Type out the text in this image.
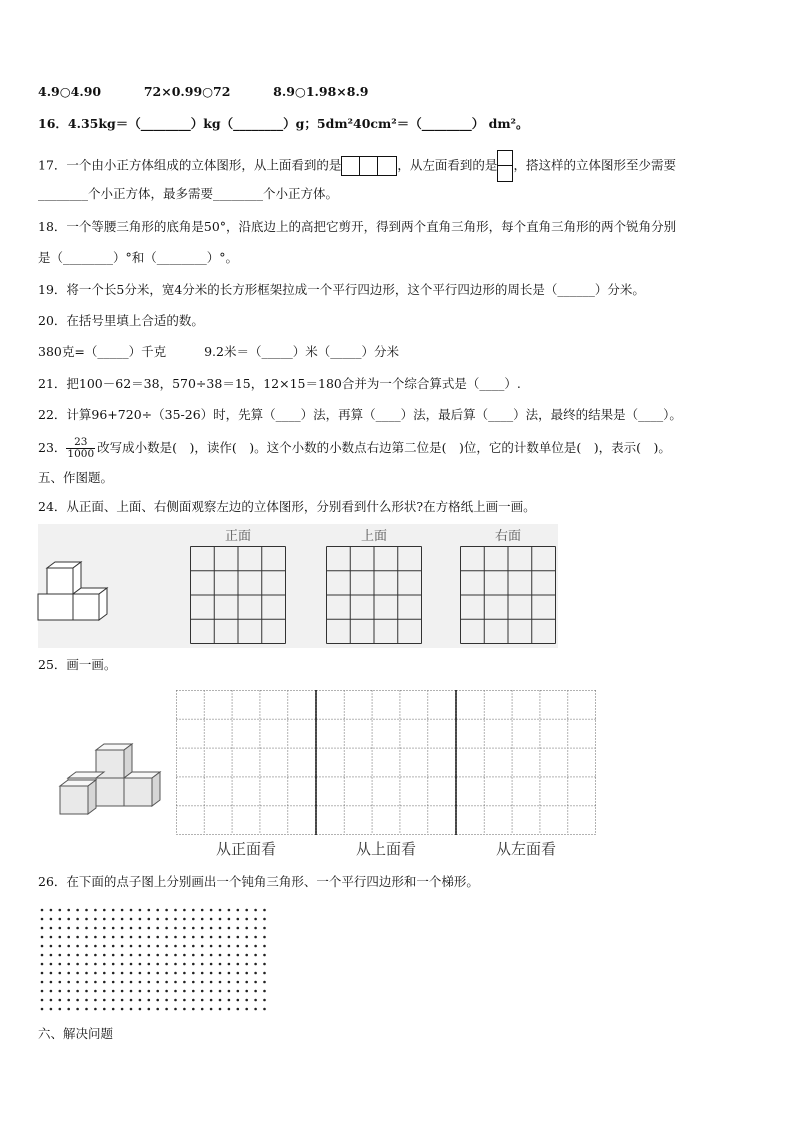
4.9○4.90	72×0.99○72	8.9○1.98×8.9
16．4.35kg＝（________）kg（________）g；5dm²40cm²＝（________） dm²。
17．一个由小正方体组成的立体图形，从上面看到的是	，从左面看到的是 ，搭这样的立体图形至少需要
________个小正方体，最多需要________个小正方体。
18．一个等腰三角形的底角是50°，沿底边上的高把它剪开，得到两个直角三角形，每个直角三角形的两个锐角分别
是（________）°和（________）°。
19．将一个长5分米，宽4分米的长方形框架拉成一个平行四边形，这个平行四边形的周长是（______）分米。
20．在括号里填上合适的数。
380克=（_____）千克	9.2米＝（_____）米（_____）分米
21．把100－62＝38，570÷38＝15，12×15＝180合并为一个综合算式是（____）.
22．计算96+720÷（35-26）时，先算（____）法，再算（____）法，最后算（____）法，最终的结果是（____）。
23． $\frac{23}{1000}$ 改写成小数是(　)，读作(　)。这个小数的小数点右边第二位是(　)位，它的计数单位是(　)，表示(　)。
五、作图题。
24．从正面、上面、右侧面观察左边的立体图形，分别看到什么形状?在方格纸上画一画。
正面	上面	右面
25．画一画。
从正面看	从上面看	从左面看
26．在下面的点子图上分别画出一个钝角三角形、一个平行四边形和一个梯形。
六、解决问题
